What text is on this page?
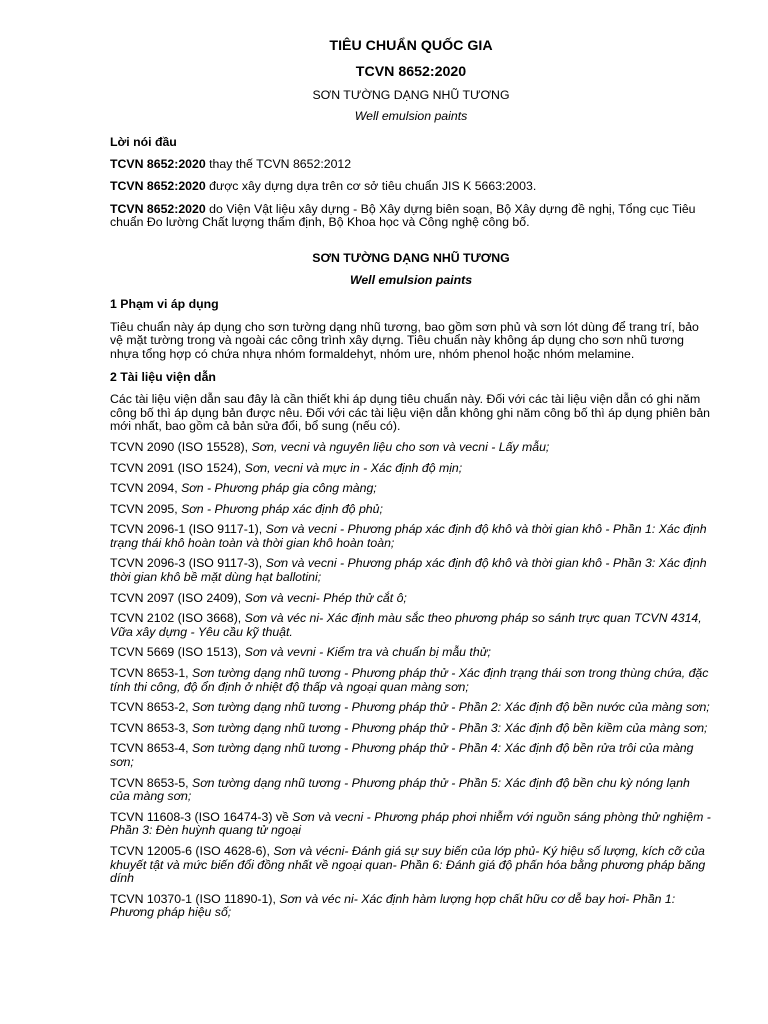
TIÊU CHUẨN QUỐC GIA

TCVN 8652:2020

SƠN TƯỜNG DẠNG NHŨ TƯƠNG

Well emulsion paints

Lời nói đầu

TCVN 8652:2020 thay thế TCVN 8652:2012

TCVN 8652:2020 được xây dựng dựa trên cơ sở tiêu chuẩn JIS K 5663:2003.

TCVN 8652:2020 do Viện Vật liệu xây dựng - Bộ Xây dựng biên soạn, Bộ Xây dựng đề nghị, Tổng cục Tiêu chuẩn Đo lường Chất lượng thẩm định, Bộ Khoa học và Công nghệ công bố.

SƠN TƯỜNG DẠNG NHŨ TƯƠNG

Well emulsion paints

1 Phạm vi áp dụng

Tiêu chuẩn này áp dụng cho sơn tường dạng nhũ tương, bao gồm sơn phủ và sơn lót dùng để trang trí, bảo vệ mặt tường trong và ngoài các công trình xây dựng. Tiêu chuẩn này không áp dụng cho sơn nhũ tương nhựa tổng hợp có chứa nhựa nhóm formaldehyt, nhóm ure, nhóm phenol hoặc nhóm melamine.

2 Tài liệu viện dẫn

Các tài liệu viện dẫn sau đây là cần thiết khi áp dụng tiêu chuẩn này. Đối với các tài liệu viện dẫn có ghi năm công bố thì áp dụng bản được nêu. Đối với các tài liệu viện dẫn không ghi năm công bố thì áp dụng phiên bản mới nhất, bao gồm cả bản sửa đổi, bổ sung (nếu có).

TCVN 2090 (ISO 15528), Sơn, vecni và nguyên liệu cho sơn và vecni - Lấy mẫu;

TCVN 2091 (ISO 1524), Sơn, vecni và mực in - Xác định độ mịn;

TCVN 2094, Sơn - Phương pháp gia công màng;

TCVN 2095, Sơn - Phương pháp xác định độ phủ;

TCVN 2096-1 (ISO 9117-1), Sơn và vecni - Phương pháp xác định độ khô và thời gian khô - Phần 1: Xác định trạng thái khô hoàn toàn và thời gian khô hoàn toàn;

TCVN 2096-3 (ISO 9117-3), Sơn và vecni - Phương pháp xác định độ khô và thời gian khô - Phần 3: Xác định thời gian khô bề mặt dùng hạt ballotini;

TCVN 2097 (ISO 2409), Sơn và vecni- Phép thử cắt ô;

TCVN 2102 (ISO 3668), Sơn và véc ni- Xác định màu sắc theo phương pháp so sánh trực quan TCVN 4314, Vữa xây dựng - Yêu cầu kỹ thuật.

TCVN 5669 (ISO 1513), Sơn và vevni - Kiểm tra và chuẩn bị mẫu thử;

TCVN 8653-1, Sơn tường dạng nhũ tương - Phương pháp thử - Xác định trạng thái sơn trong thùng chứa, đặc tính thi công, độ ổn định ở nhiệt độ thấp và ngoại quan màng sơn;

TCVN 8653-2, Sơn tường dạng nhũ tương - Phương pháp thử - Phần 2: Xác định độ bền nước của màng sơn;

TCVN 8653-3, Sơn tường dạng nhũ tương - Phương pháp thử - Phần 3: Xác định độ bền kiềm của màng sơn;

TCVN 8653-4, Sơn tường dạng nhũ tương - Phương pháp thử - Phần 4: Xác định độ bền rửa trôi của màng sơn;

TCVN 8653-5, Sơn tường dạng nhũ tương - Phương pháp thử - Phần 5: Xác định độ bền chu kỳ nóng lạnh của màng sơn;

TCVN 11608-3 (ISO 16474-3) về Sơn và vecni - Phương pháp phơi nhiễm với nguồn sáng phòng thử nghiệm - Phần 3: Đèn huỳnh quang tử ngoại

TCVN 12005-6 (ISO 4628-6), Sơn và vécni- Đánh giá sự suy biến của lớp phủ- Ký hiệu số lượng, kích cỡ của khuyết tật và mức biến đổi đồng nhất về ngoại quan- Phần 6: Đánh giá độ phấn hóa bằng phương pháp băng dính

TCVN 10370-1 (ISO 11890-1), Sơn và véc ni- Xác định hàm lượng hợp chất hữu cơ dễ bay hơi- Phần 1: Phương pháp hiệu số;
